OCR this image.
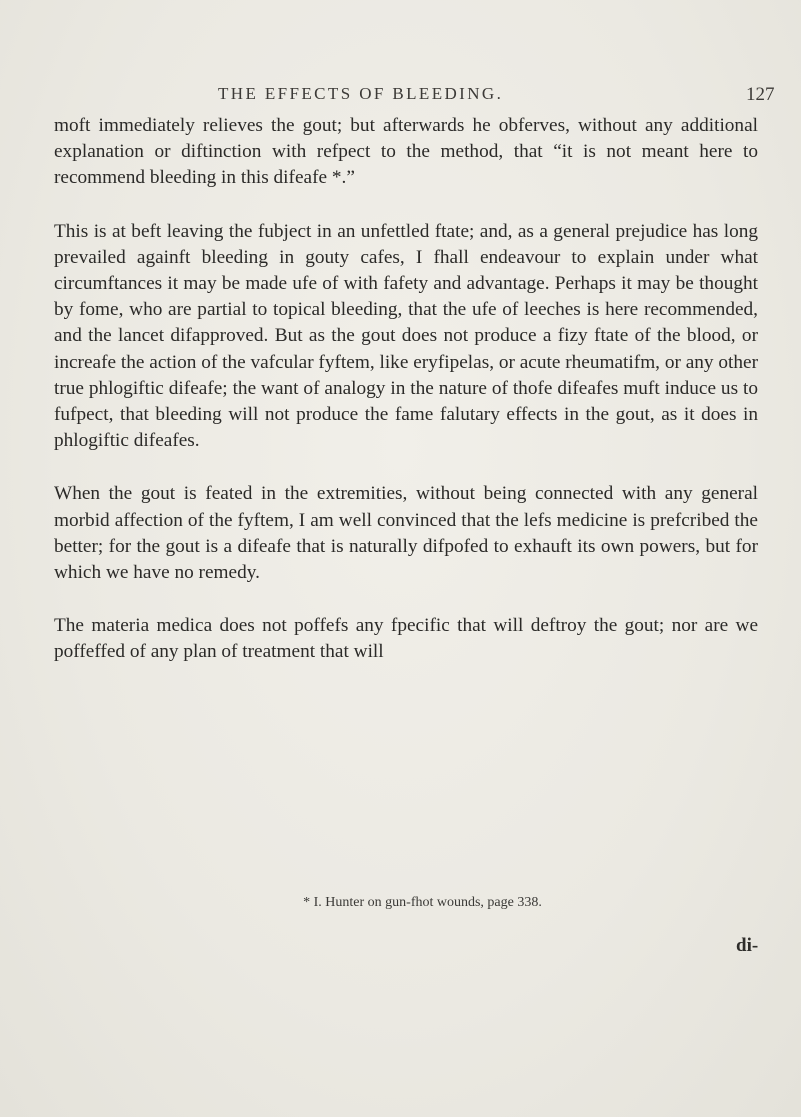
THE EFFECTS OF BLEEDING.	127

moft immediately relieves the gout; but afterwards he obferves, without any additional explanation or diftinction with refpect to the method, that “it is not meant here to recommend bleeding in this difeafe *.”

This is at beft leaving the fubject in an unfettled ftate; and, as a general prejudice has long prevailed againft bleeding in gouty cafes, I fhall endeavour to explain under what circumftances it may be made ufe of with fafety and advantage. Perhaps it may be thought by fome, who are partial to topical bleeding, that the ufe of leeches is here recommended, and the lancet difapproved. But as the gout does not produce a fizy ftate of the blood, or increafe the action of the vafcular fyftem, like eryfipelas, or acute rheumatifm, or any other true phlogiftic difeafe; the want of analogy in the nature of thofe difeafes muft induce us to fufpect, that bleeding will not produce the fame falutary effects in the gout, as it does in phlogiftic difeafes.

When the gout is feated in the extremities, without being connected with any general morbid affection of the fyftem, I am well convinced that the lefs medicine is prefcribed the better; for the gout is a difeafe that is naturally difpofed to exhauft its own powers, but for which we have no remedy.

The materia medica does not poffefs any fpecific that will deftroy the gout; nor are we poffeffed of any plan of treatment that will

* I. Hunter on gun-fhot wounds, page 338.
di-
